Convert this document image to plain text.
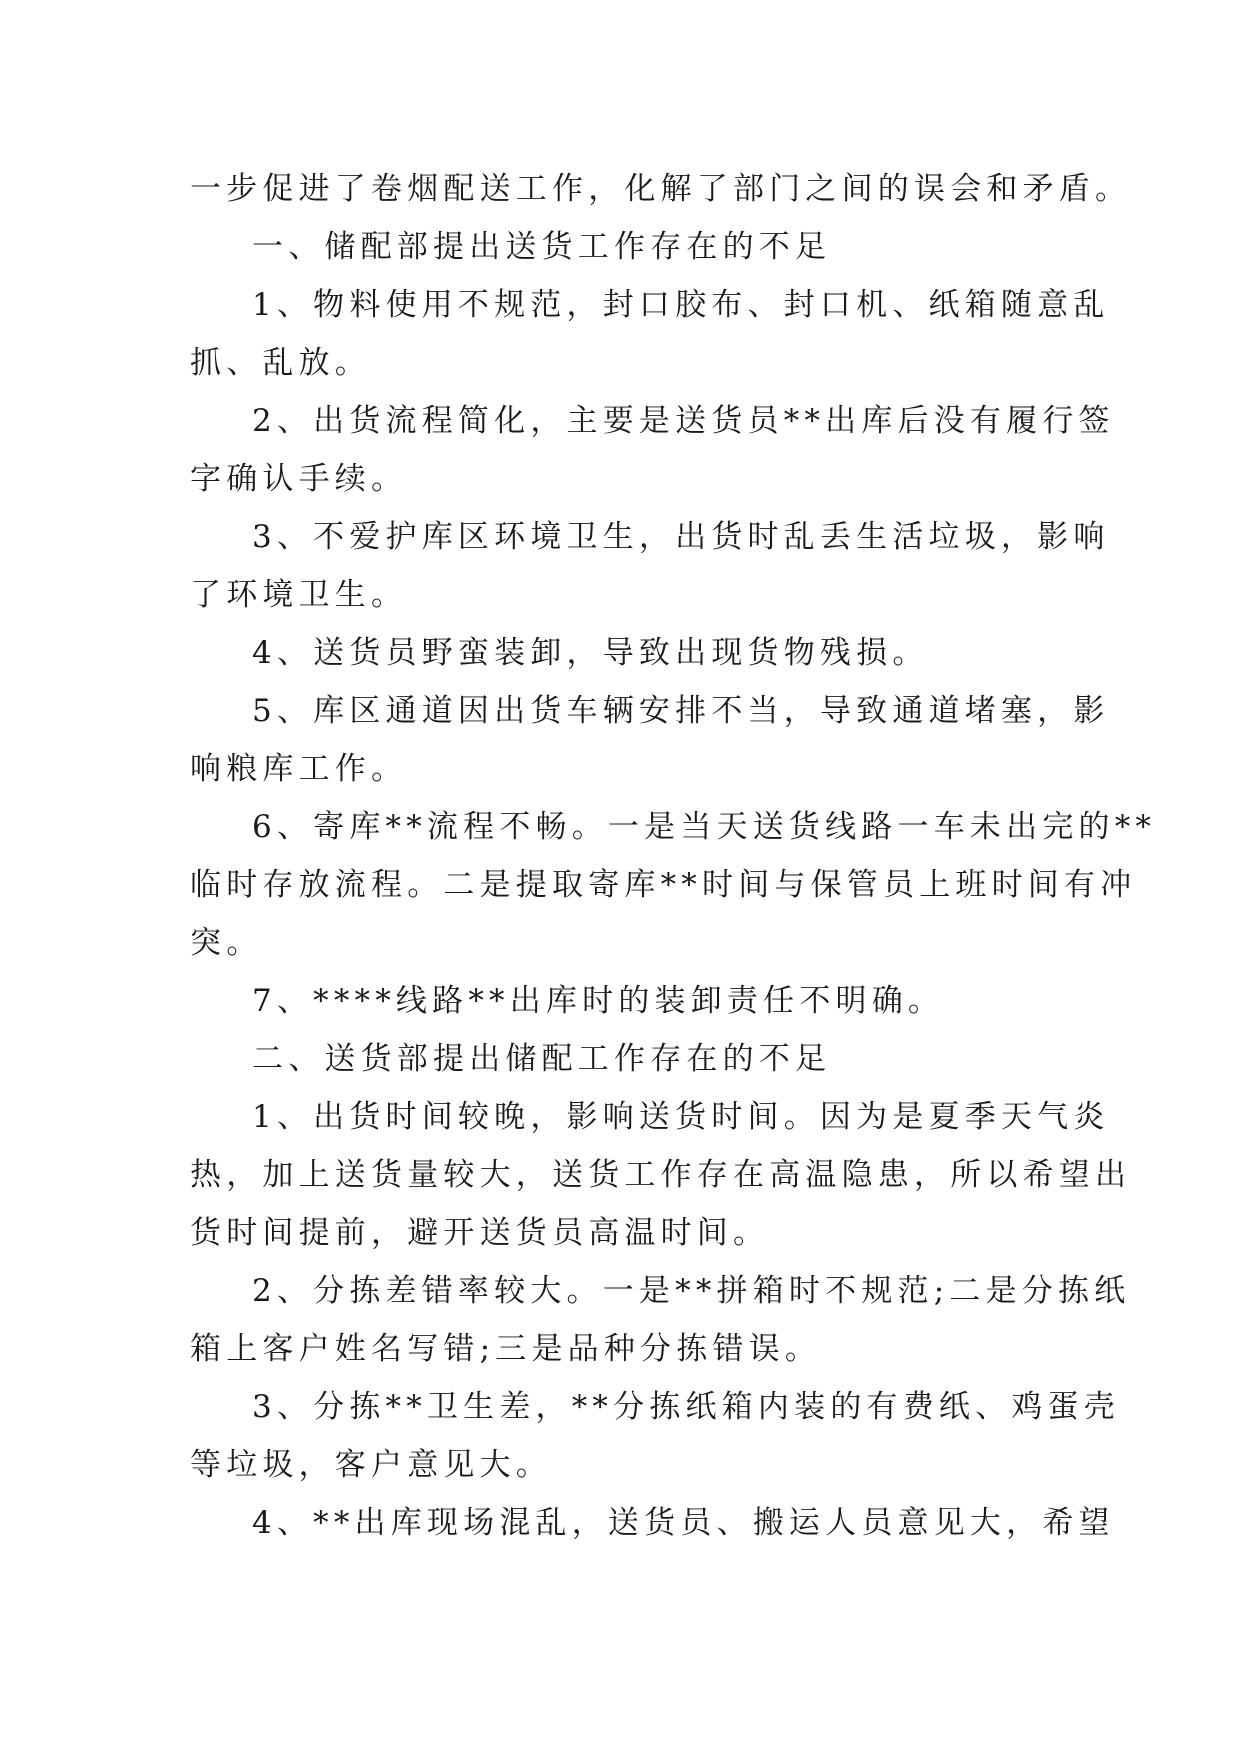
一步促进了卷烟配送工作，化解了部门之间的误会和矛盾。
一、储配部提出送货工作存在的不足
1、物料使用不规范，封口胶布、封口机、纸箱随意乱
抓、乱放。
2、出货流程简化，主要是送货员**出库后没有履行签
字确认手续。
3、不爱护库区环境卫生，出货时乱丢生活垃圾，影响
了环境卫生。
4、送货员野蛮装卸，导致出现货物残损。
5、库区通道因出货车辆安排不当，导致通道堵塞，影
响粮库工作。
6、寄库**流程不畅。一是当天送货线路一车未出完的**
临时存放流程。二是提取寄库**时间与保管员上班时间有冲
突。
7、****线路**出库时的装卸责任不明确。
二、送货部提出储配工作存在的不足
1、出货时间较晚，影响送货时间。因为是夏季天气炎
热，加上送货量较大，送货工作存在高温隐患，所以希望出
货时间提前，避开送货员高温时间。
2、分拣差错率较大。一是**拼箱时不规范;二是分拣纸
箱上客户姓名写错;三是品种分拣错误。
3、分拣**卫生差，**分拣纸箱内装的有费纸、鸡蛋壳
等垃圾，客户意见大。
4、**出库现场混乱，送货员、搬运人员意见大，希望
